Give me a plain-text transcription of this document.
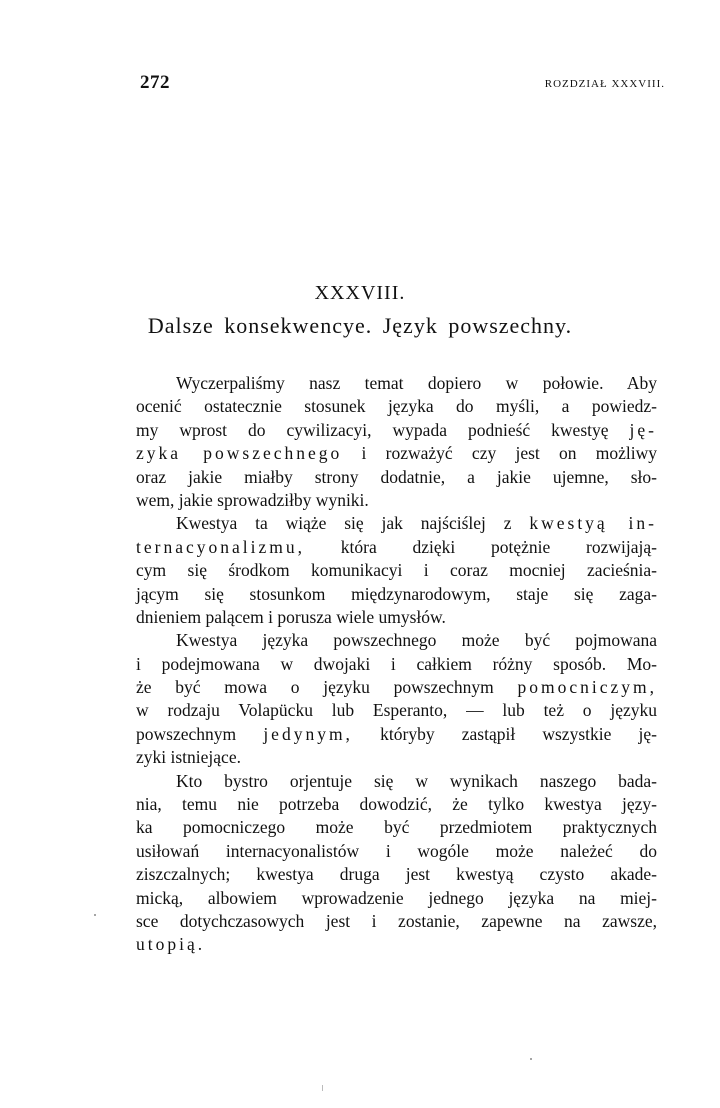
272	ROZDZIAŁ XXXVIII.
XXXVIII.
Dalsze konsekwencye. Język powszechny.
Wyczerpaliśmy nasz temat dopiero w połowie. Aby
ocenić ostatecznie stosunek języka do myśli, a powiedz-
my wprost do cywilizacyi, wypada podnieść kwestyę ję-
zyka powszechnego i rozważyć czy jest on możliwy
oraz jakie miałby strony dodatnie, a jakie ujemne, sło-
wem, jakie sprowadziłby wyniki.
Kwestya ta wiąże się jak najściślej z kwestyą in-
ternacyonalizmu, która dzięki potężnie rozwijają-
cym się środkom komunikacyi i coraz mocniej zacieśnia-
jącym się stosunkom międzynarodowym, staje się zaga-
dnieniem palącem i porusza wiele umysłów.
Kwestya języka powszechnego może być pojmowana
i podejmowana w dwojaki i całkiem różny sposób. Mo-
że być mowa o języku powszechnym pomocniczym,
w rodzaju Volapücku lub Esperanto, — lub też o języku
powszechnym jedynym, któryby zastąpił wszystkie ję-
zyki istniejące.
Kto bystro orjentuje się w wynikach naszego bada-
nia, temu nie potrzeba dowodzić, że tylko kwestya języ-
ka pomocniczego może być przedmiotem praktycznych
usiłowań internacyonalistów i wogóle może należeć do
ziszczalnych; kwestya druga jest kwestyą czysto akade-
micką, albowiem wprowadzenie jednego języka na miej-
sce dotychczasowych jest i zostanie, zapewne na zawsze,
utopią.
